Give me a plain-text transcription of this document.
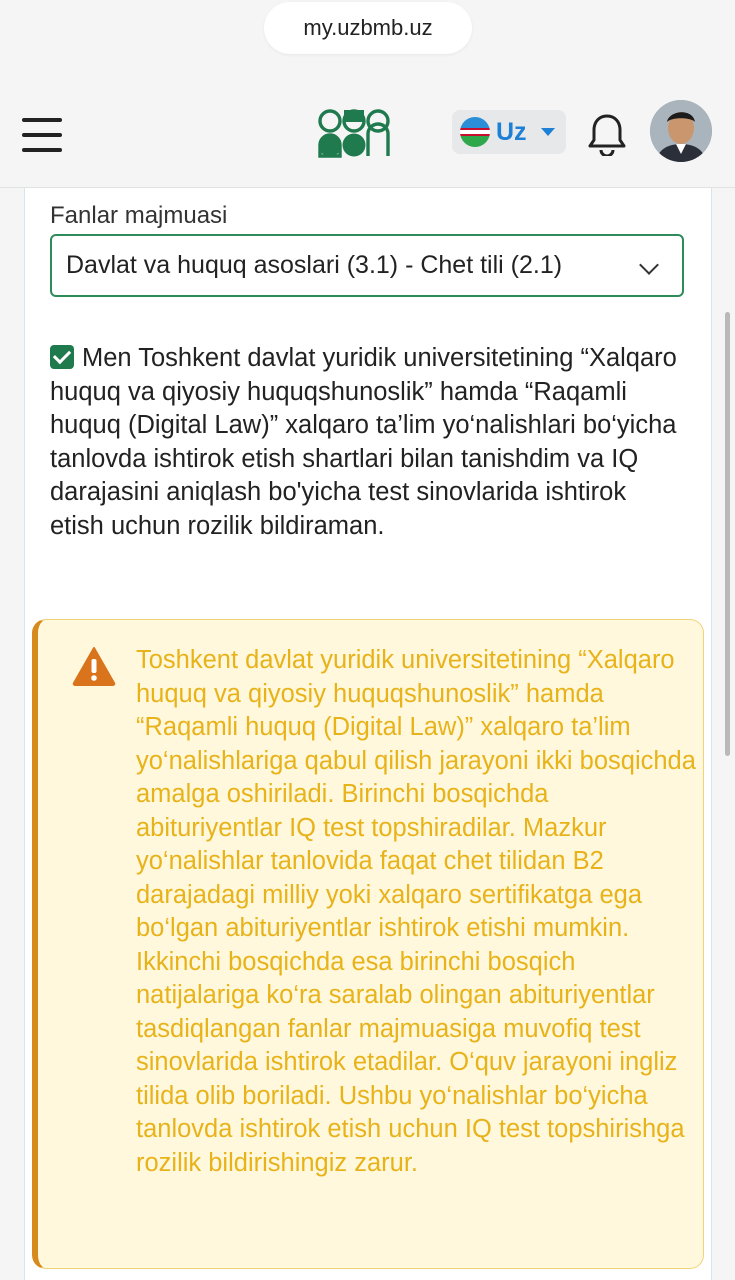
my.uzbmb.uz
Uz
Fanlar majmuasi
Davlat va huquq asoslari (3.1) - Chet tili (2.1)
Men Toshkent davlat yuridik universitetining “Xalqaro huquq va qiyosiy huquqshunoslik” hamda “Raqamli huquq (Digital Law)” xalqaro ta’lim yo‘nalishlari bo‘yicha tanlovda ishtirok etish shartlari bilan tanishdim va IQ darajasini aniqlash bo'yicha test sinovlarida ishtirok etish uchun rozilik bildiraman.
Toshkent davlat yuridik universitetining “Xalqaro huquq va qiyosiy huquqshunoslik” hamda “Raqamli huquq (Digital Law)” xalqaro ta’lim yo‘nalishlariga qabul qilish jarayoni ikki bosqichda amalga oshiriladi. Birinchi bosqichda abituriyentlar IQ test topshiradilar. Mazkur yo‘nalishlar tanlovida faqat chet tilidan B2 darajadagi milliy yoki xalqaro sertifikatga ega bo‘lgan abituriyentlar ishtirok etishi mumkin. Ikkinchi bosqichda esa birinchi bosqich natijalariga ko‘ra saralab olingan abituriyentlar tasdiqlangan fanlar majmuasiga muvofiq test sinovlarida ishtirok etadilar. O‘quv jarayoni ingliz tilida olib boriladi. Ushbu yo‘nalishlar bo‘yicha tanlovda ishtirok etish uchun IQ test topshirishga rozilik bildirishingiz zarur.
